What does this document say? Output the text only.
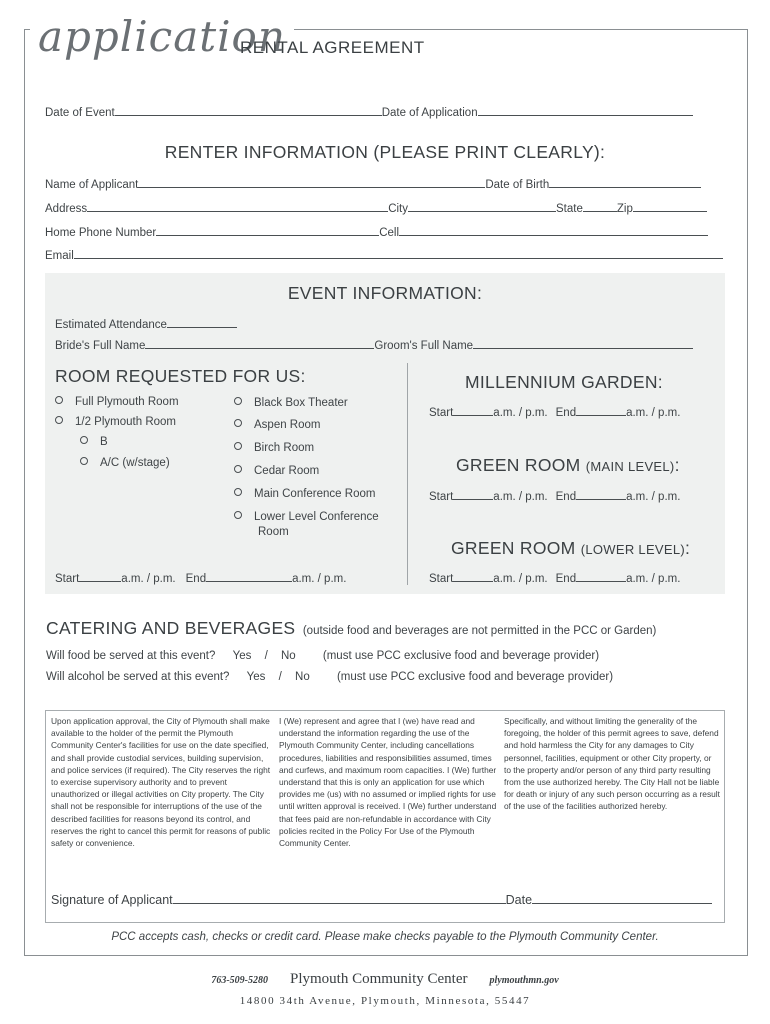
application
RENTAL AGREEMENT
Date of Event	Date of Application
RENTER INFORMATION (PLEASE PRINT CLEARLY):
Name of Applicant	Date of Birth
Address	City	State	Zip
Home Phone Number	Cell
Email
EVENT INFORMATION:
Estimated Attendance
Bride's Full Name	Groom's Full Name
ROOM REQUESTED FOR US:
Full Plymouth Room
1/2 Plymouth Room
B
A/C (w/stage)
Black Box Theater
Aspen Room
Birch Room
Cedar Room
Main Conference Room
Lower Level Conference
Room
Start	a.m. / p.m. End	a.m. / p.m.
MILLENNIUM GARDEN:
Start	a.m. / p.m. End	a.m. / p.m.
GREEN ROOM (MAIN LEVEL):
Start	a.m. / p.m. End	a.m. / p.m.
GREEN ROOM (LOWER LEVEL):
Start	a.m. / p.m. End	a.m. / p.m.
CATERING AND BEVERAGES (outside food and beverages are not permitted in the PCC or Garden)
Will food be served at this event? Yes / No (must use PCC exclusive food and beverage provider)
Will alcohol be served at this event? Yes / No (must use PCC exclusive food and beverage provider)
Upon application approval, the City of Plymouth shall make available to the holder of the permit the Plymouth Community Center's facilities for use on the date specified, and shall provide custodial services, building supervision, and police services (if required). The City reserves the right to exercise supervisory authority and to prevent unauthorized or illegal activities on City property. The City shall not be responsible for interruptions of the use of the described facilities for reasons beyond its control, and reserves the right to cancel this permit for reasons of public safety or convenience.
I (We) represent and agree that I (we) have read and understand the information regarding the use of the Plymouth Community Center, including cancellations procedures, liabilities and responsibilities assumed, times and curfews, and maximum room capacities. I (We) further understand that this is only an application for use which provides me (us) with no assumed or implied rights for use until written approval is received. I (We) further understand that fees paid are non-refundable in accordance with City policies recited in the Policy For Use of the Plymouth Community Center.
Specifically, and without limiting the generality of the foregoing, the holder of this permit agrees to save, defend and hold harmless the City for any damages to City personnel, facilities, equipment or other City property, or to the property and/or person of any third party resulting from the use authorized hereby. The City Hall not be liable for death or injury of any such person occurring as a result of the use of the facilities authorized hereby.
Signature of Applicant	Date
PCC accepts cash, checks or credit card. Please make checks payable to the Plymouth Community Center.
763-509-5280 Plymouth Community Center plymouthmn.gov
14800 34th Avenue, Plymouth, Minnesota, 55447
